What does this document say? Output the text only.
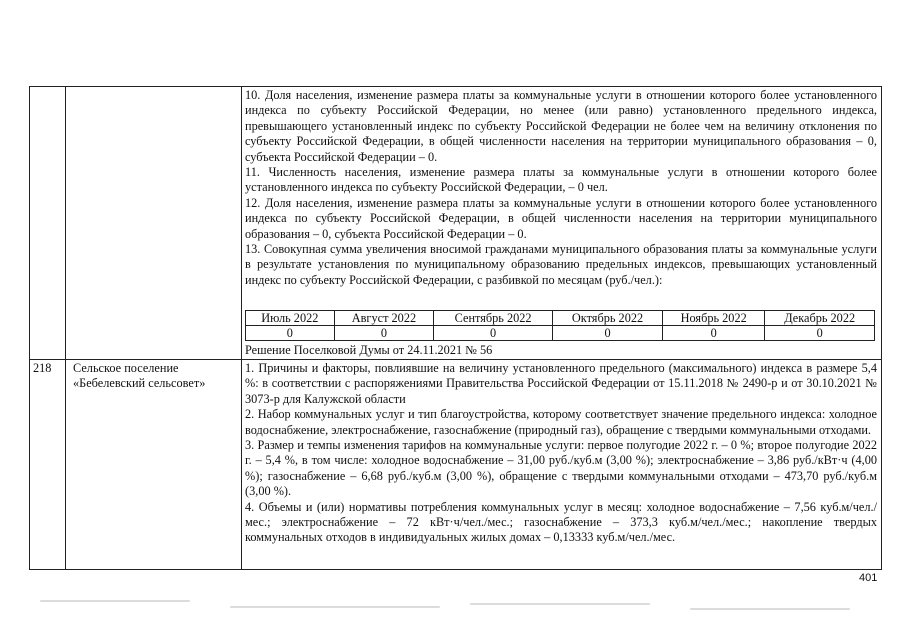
10. Доля населения, изменение размера платы за коммунальные услуги в отношении которого более установленного индекса по субъекту Российской Федерации, но менее (или равно) установленного предельного индекса, превышающего установленный индекс по субъекту Российской Федерации не более чем на величину отклонения по субъекту Российской Федерации, в общей численности населения на территории муниципального образования – 0, субъекта Российской Федерации – 0.

11. Численность населения, изменение размера платы за коммунальные услуги в отношении которого более установленного индекса по субъекту Российской Федерации, – 0 чел.

12. Доля населения, изменение размера платы за коммунальные услуги в отношении которого более установленного индекса по субъекту Российской Федерации, в общей численности населения на территории муниципального образования – 0, субъекта Российской Федерации – 0.

13. Совокупная сумма увеличения вносимой гражданами муниципального образования платы за коммунальные услуги в результате установления по муниципальному образованию предельных индексов, превышающих установленный индекс по субъекту Российской Федерации, с разбивкой по месяцам (руб./чел.):

Июль 2022	Август 2022	Сентябрь 2022	Октябрь 2022	Ноябрь 2022	Декабрь 2022
0	0	0	0	0	0
Решение Поселковой Думы от 24.11.2021 № 56
218	Сельское поселение «Бебелевский сельсовет»

1. Причины и факторы, повлиявшие на величину установленного предельного (максимального) индекса в размере 5,4 %: в соответствии с распоряжениями Правительства Российской Федерации от 15.11.2018 № 2490-р и от 30.10.2021 № 3073-р для Калужской области

2. Набор коммунальных услуг и тип благоустройства, которому соответствует значение предельного индекса: холодное водоснабжение, электроснабжение, газоснабжение (природный газ), обращение с твердыми коммунальными отходами.

3. Размер и темпы изменения тарифов на коммунальные услуги: первое полугодие 2022 г. – 0 %; второе полугодие 2022 г. – 5,4 %, в том числе: холодное водоснабжение – 31,00 руб./куб.м (3,00 %); электроснабжение – 3,86 руб./кВт·ч (4,00 %); газоснабжение – 6,68 руб./куб.м (3,00 %), обращение с твердыми коммунальными отходами – 473,70 руб./куб.м (3,00 %).

4. Объемы и (или) нормативы потребления коммунальных услуг в месяц: холодное водоснабжение – 7,56 куб.м/чел./мес.; электроснабжение – 72 кВт·ч/чел./мес.; газоснабжение – 373,3 куб.м/чел./мес.; накопление твердых коммунальных отходов в индивидуальных жилых домах – 0,13333 куб.м/чел./мес.

401
